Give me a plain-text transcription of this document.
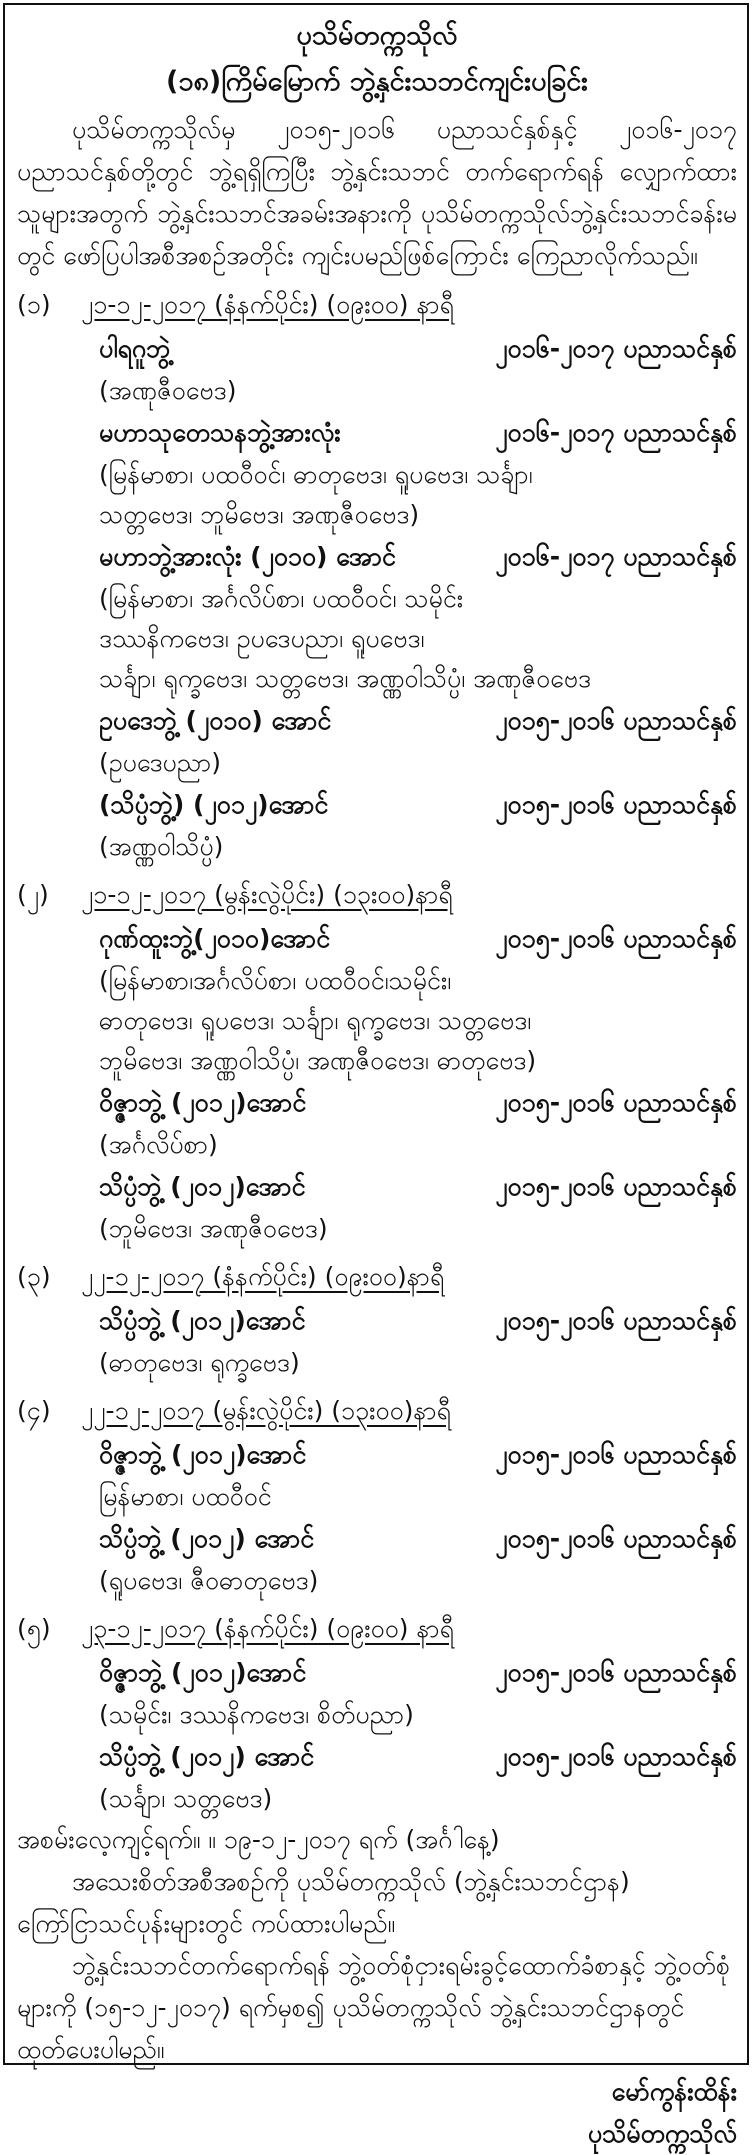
ပုသိမ်တက္ကသိုလ်
(၁၈)ကြိမ်မြောက် ဘွဲ့နှင်းသဘင်ကျင်းပခြင်း
ပုသိမ်တက္ကသိုလ်မှ ၂၀၁၅-၂၀၁၆ ပညာသင်နှစ်နှင့် ၂၀၁၆-၂၀၁၇ ပညာသင်နှစ်တို့တွင် ဘွဲ့ရရှိကြပြီး ဘွဲ့နှင်းသဘင် တက်ရောက်ရန် လျှောက်ထားသူများအတွက် ဘွဲ့နှင်းသဘင်အခမ်းအနားကို ပုသိမ်တက္ကသိုလ်ဘွဲ့နှင်းသဘင်ခန်းမတွင် ဖော်ပြပါအစီအစဉ်အတိုင်း ကျင်းပမည်ဖြစ်ကြောင်း ကြေညာလိုက်သည်။
(၁)	၂၁-၁၂-၂၀၁၇ (နံနက်ပိုင်း) (၀၉း၀၀) နာရီ
ပါရဂူဘွဲ့	၂၀၁၆-၂၀၁၇ ပညာသင်နှစ်
(အဏုဇီဝဗေဒ)
မဟာသုတေသနဘွဲ့အားလုံး	၂၀၁၆-၂၀၁၇ ပညာသင်နှစ်
(မြန်မာစာ၊ ပထဝီဝင်၊ ဓာတုဗေဒ၊ ရူပဗေဒ၊ သင်္ချာ၊
သတ္တဗေဒ၊ ဘူမိဗေဒ၊ အဏုဇီဝဗေဒ)
မဟာဘွဲ့အားလုံး (၂၀၁၀) အောင်	၂၀၁၆-၂၀၁၇ ပညာသင်နှစ်
(မြန်မာစာ၊ အင်္ဂလိပ်စာ၊ ပထဝီဝင်၊ သမိုင်း
ဒဿနိကဗေဒ၊ ဥပဒေပညာ၊ ရူပဗေဒ၊
သင်္ချာ၊ ရုက္ခဗေဒ၊ သတ္တဗေဒ၊ အဏ္ဏဝါသိပ္ပံ၊ အဏုဇီဝဗေဒ
ဥပဒေဘွဲ့ (၂၀၁၀) အောင်	၂၀၁၅-၂၀၁၆ ပညာသင်နှစ်
(ဥပဒေပညာ)
(သိပ္ပံဘွဲ့) (၂၀၁၂)အောင်	၂၀၁၅-၂၀၁၆ ပညာသင်နှစ်
(အဏ္ဏဝါသိပ္ပံ)
(၂)	၂၁-၁၂-၂၀၁၇ (မွန်းလွဲပိုင်း) (၁၃း၀၀)နာရီ
ဂုဏ်ထူးဘွဲ့(၂၀၁၀)အောင်	၂၀၁၅-၂၀၁၆ ပညာသင်နှစ်
(မြန်မာစာ၊အင်္ဂလိပ်စာ၊ ပထဝီဝင်၊သမိုင်း၊
ဓာတုဗေဒ၊ ရူပဗေဒ၊ သင်္ချာ၊ ရုက္ခဗေဒ၊ သတ္တဗေဒ၊
ဘူမိဗေဒ၊ အဏ္ဏဝါသိပ္ပံ၊ အဏုဇီဝဗေဒ၊ ဓာတုဗေဒ)
ဝိဇ္ဇာဘွဲ့ (၂၀၁၂)အောင်	၂၀၁၅-၂၀၁၆ ပညာသင်နှစ်
(အင်္ဂလိပ်စာ)
သိပ္ပံဘွဲ့ (၂၀၁၂)အောင်	၂၀၁၅-၂၀၁၆ ပညာသင်နှစ်
(ဘူမိဗေဒ၊ အဏုဇီဝဗေဒ)
(၃)	၂၂-၁၂-၂၀၁၇ (နံနက်ပိုင်း) (၀၉း၀၀)နာရီ
သိပ္ပံဘွဲ့ (၂၀၁၂)အောင်	၂၀၁၅-၂၀၁၆ ပညာသင်နှစ်
(ဓာတုဗေဒ၊ ရုက္ခဗေဒ)
(၄)	၂၂-၁၂-၂၀၁၇ (မွန်းလွဲပိုင်း) (၁၃း၀၀)နာရီ
ဝိဇ္ဇာဘွဲ့ (၂၀၁၂)အောင်	၂၀၁၅-၂၀၁၆ ပညာသင်နှစ်
မြန်မာစာ၊ ပထဝီဝင်
သိပ္ပံဘွဲ့ (၂၀၁၂) အောင်	၂၀၁၅-၂၀၁၆ ပညာသင်နှစ်
(ရူပဗေဒ၊ ဇီဝဓာတုဗေဒ)
(၅)	၂၃-၁၂-၂၀၁၇ (နံနက်ပိုင်း) (၀၉း၀၀) နာရီ
ဝိဇ္ဇာဘွဲ့ (၂၀၁၂)အောင်	၂၀၁၅-၂၀၁၆ ပညာသင်နှစ်
(သမိုင်း၊ ဒဿနိကဗေဒ၊ စိတ်ပညာ)
သိပ္ပံဘွဲ့ (၂၀၁၂) အောင်	၂၀၁၅-၂၀၁၆ ပညာသင်နှစ်
(သင်္ချာ၊ သတ္တဗေဒ)
အစမ်းလေ့ကျင့်ရက်။ ။ ၁၉-၁၂-၂၀၁၇ ရက် (အင်္ဂါနေ့)
အသေးစိတ်အစီအစဉ်ကို ပုသိမ်တက္ကသိုလ် (ဘွဲ့နှင်းသဘင်ဌာန) ကြော်ငြာသင်ပုန်းများတွင် ကပ်ထားပါမည်။
ဘွဲ့နှင်းသဘင်တက်ရောက်ရန် ဘွဲ့ဝတ်စုံငှားရမ်းခွင့်ထောက်ခံစာနှင့် ဘွဲ့ဝတ်စုံများကို (၁၅-၁၂-၂၀၁၇) ရက်မှစ၍ ပုသိမ်တက္ကသိုလ် ဘွဲ့နှင်းသဘင်ဌာနတွင် ထုတ်ပေးပါမည်။
မော်ကွန်းထိန်း
ပုသိမ်တက္ကသိုလ်
